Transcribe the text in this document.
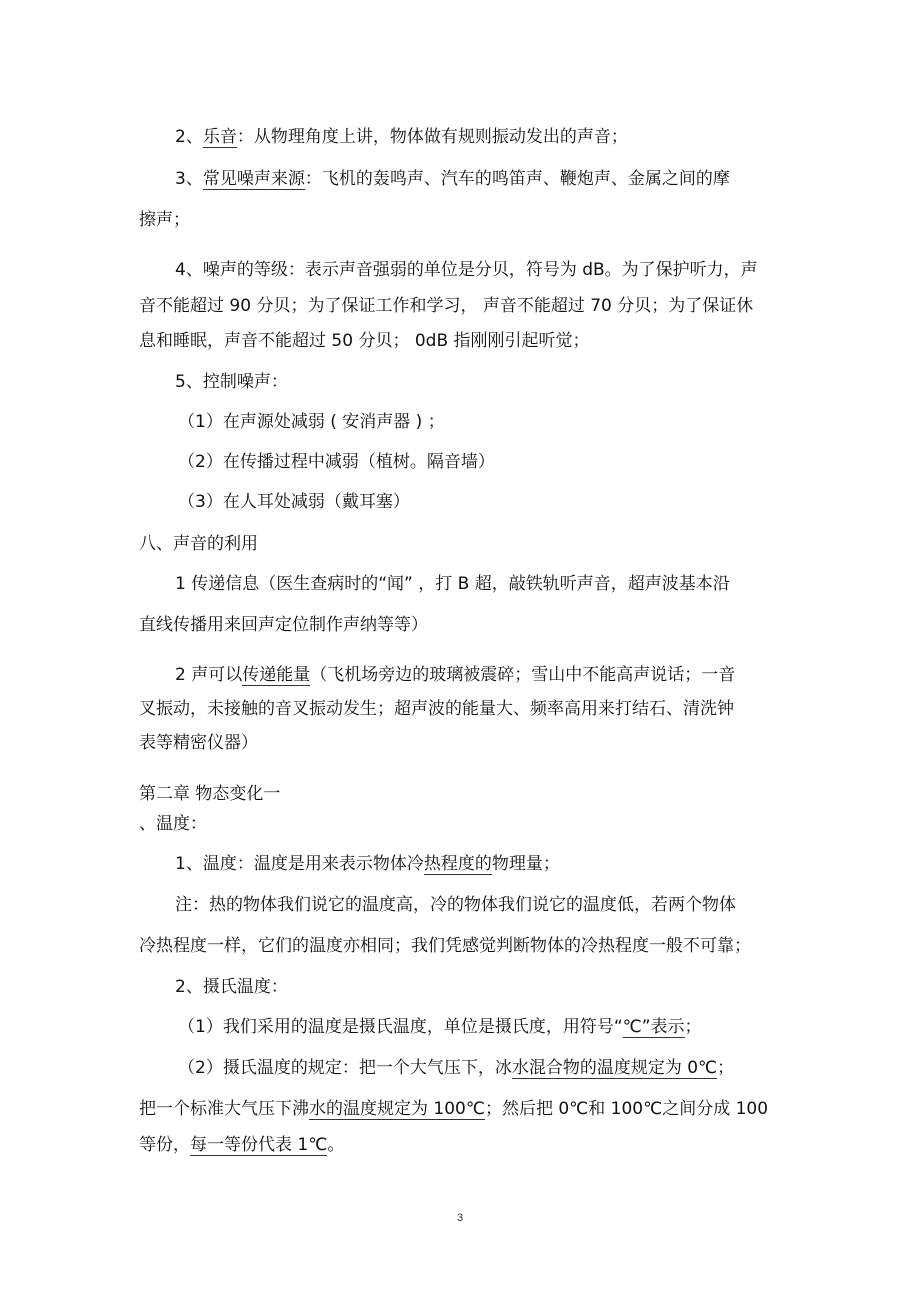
2、乐音：从物理角度上讲，物体做有规则振动发出的声音；
3、常见噪声来源：飞机的轰鸣声、汽车的鸣笛声、鞭炮声、金属之间的摩
擦声；
4、噪声的等级：表示声音强弱的单位是分贝，符号为 dB。为了保护听力，声
音不能超过 90 分贝；为了保证工作和学习， 声音不能超过 70 分贝；为了保证休
息和睡眠，声音不能超过 50 分贝； 0dB 指刚刚引起听觉；
5、控制噪声：
（1）在声源处减弱 ( 安消声器 ) ；
（2）在传播过程中减弱（植树。隔音墙）
（3）在人耳处减弱（戴耳塞）
八、声音的利用
1 传递信息（医生查病时的“闻” ，打 B 超，敲铁轨听声音，超声波基本沿
直线传播用来回声定位制作声纳等等）
2 声可以传递能量（飞机场旁边的玻璃被震碎；雪山中不能高声说话；一音
叉振动，未接触的音叉振动发生；超声波的能量大、频率高用来打结石、清洗钟
表等精密仪器）
第二章 物态变化一
、温度：
1、温度：温度是用来表示物体冷热程度的物理量；
注：热的物体我们说它的温度高，冷的物体我们说它的温度低，若两个物体
冷热程度一样，它们的温度亦相同；我们凭感觉判断物体的冷热程度一般不可靠；
2、摄氏温度：
（1）我们采用的温度是摄氏温度，单位是摄氏度，用符号“℃”表示；
（2）摄氏温度的规定：把一个大气压下，冰水混合物的温度规定为 0℃；
把一个标准大气压下沸水的温度规定为 100℃；然后把 0℃和 100℃之间分成 100
等份，每一等份代表 1℃。
3
